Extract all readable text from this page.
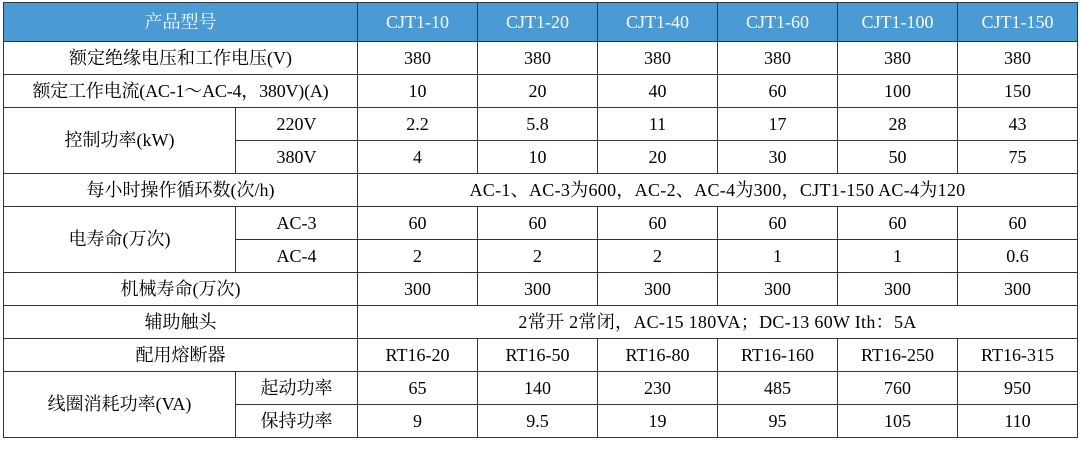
产品型号		CJT1-10	CJT1-20	CJT1-40	CJT1-60	CJT1-100	CJT1-150
额定绝缘电压和工作电压(V)		380	380	380	380	380	380
额定工作电流(AC-1～AC-4，380V)(A)		10	20	40	60	100	150
控制功率(kW)	220V	2.2	5.8	11	17	28	43
	380V	4	10	20	30	50	75
每小时操作循环数(次/h)		AC-1、AC-3为600，AC-2、AC-4为300，CJT1-150 AC-4为120					
电寿命(万次)	AC-3	60	60	60	60	60	60
	AC-4	2	2	2	1	1	0.6
机械寿命(万次)		300	300	300	300	300	300
辅助触头		2常开 2常闭，AC-15 180VA；DC-13 60W Ith：5A					
配用熔断器		RT16-20	RT16-50	RT16-80	RT16-160	RT16-250	RT16-315
线圈消耗功率(VA)	起动功率	65	140	230	485	760	950
	保持功率	9	9.5	19	95	105	110
